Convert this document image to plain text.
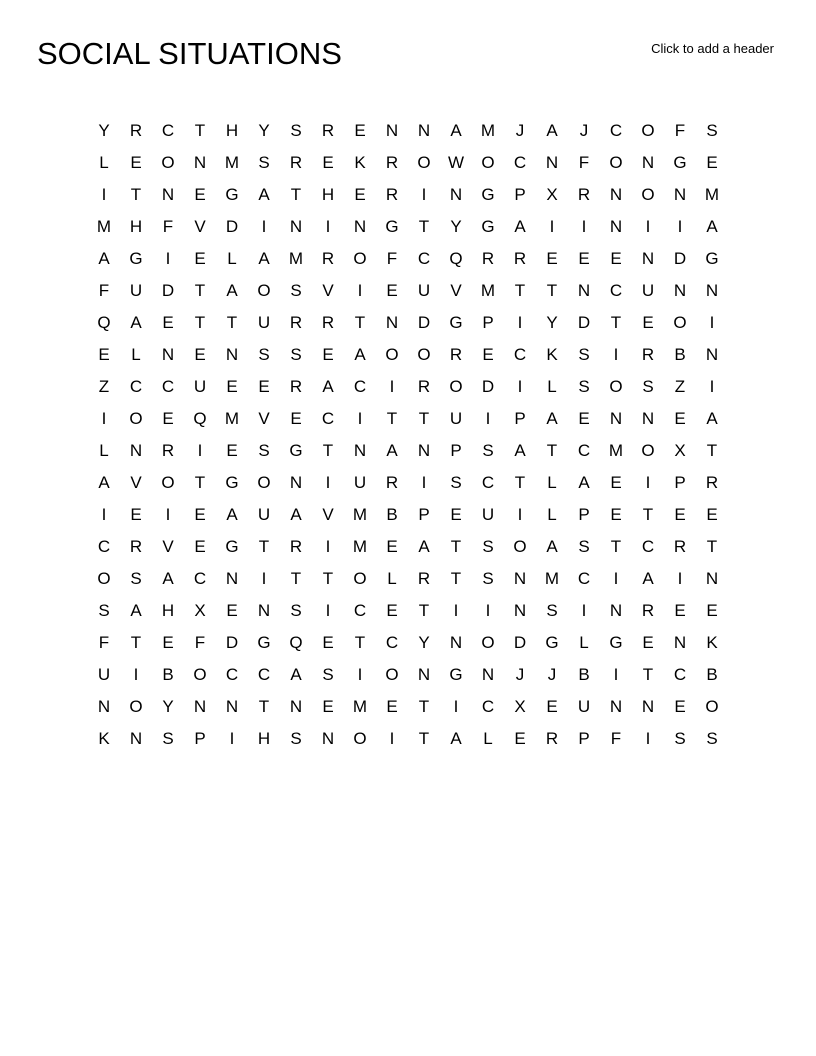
SOCIAL SITUATIONS	Click to add a header
Y	R	C	T	H	Y	S	R	E	N	N	A	M	J	A	J	C	O	F	S
L	E	O	N	M	S	R	E	K	R	O	W	O	C	N	F	O	N	G	E
I	T	N	E	G	A	T	H	E	R	I	N	G	P	X	R	N	O	N	M
M	H	F	V	D	I	N	I	N	G	T	Y	G	A	I	I	N	I	I	A
A	G	I	E	L	A	M	R	O	F	C	Q	R	R	E	E	E	N	D	G
F	U	D	T	A	O	S	V	I	E	U	V	M	T	T	N	C	U	N	N
Q	A	E	T	T	U	R	R	T	N	D	G	P	I	Y	D	T	E	O	I
E	L	N	E	N	S	S	E	A	O	O	R	E	C	K	S	I	R	B	N
Z	C	C	U	E	E	R	A	C	I	R	O	D	I	L	S	O	S	Z	I
I	O	E	Q	M	V	E	C	I	T	T	U	I	P	A	E	N	N	E	A
L	N	R	I	E	S	G	T	N	A	N	P	S	A	T	C	M	O	X	T
A	V	O	T	G	O	N	I	U	R	I	S	C	T	L	A	E	I	P	R
I	E	I	E	A	U	A	V	M	B	P	E	U	I	L	P	E	T	E	E
C	R	V	E	G	T	R	I	M	E	A	T	S	O	A	S	T	C	R	T
O	S	A	C	N	I	T	T	O	L	R	T	S	N	M	C	I	A	I	N
S	A	H	X	E	N	S	I	C	E	T	I	I	N	S	I	N	R	E	E
F	T	E	F	D	G	Q	E	T	C	Y	N	O	D	G	L	G	E	N	K
U	I	B	O	C	C	A	S	I	O	N	G	N	J	J	B	I	T	C	B
N	O	Y	N	N	T	N	E	M	E	T	I	C	X	E	U	N	N	E	O
K	N	S	P	I	H	S	N	O	I	T	A	L	E	R	P	F	I	S	S
